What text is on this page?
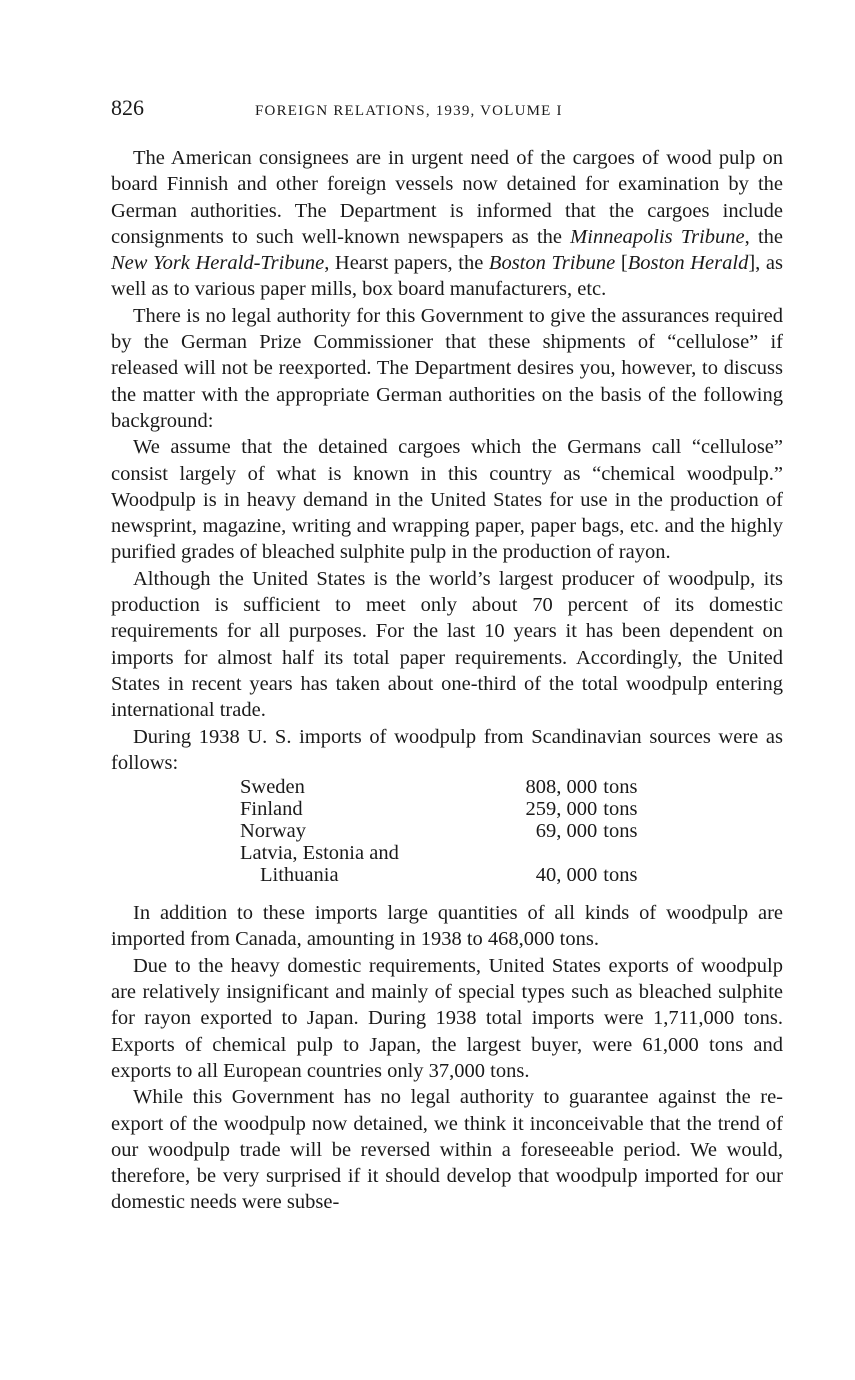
826	FOREIGN RELATIONS, 1939, VOLUME I

The American consignees are in urgent need of the cargoes of wood pulp on board Finnish and other foreign vessels now detained for examination by the German authorities. The Department is informed that the cargoes include consignments to such well-known newspapers as the Minneapolis Tribune, the New York Herald-Tribune, Hearst papers, the Boston Tribune [Boston Herald], as well as to various paper mills, box board manufacturers, etc.

There is no legal authority for this Government to give the assurances required by the German Prize Commissioner that these shipments of “cellulose” if released will not be reexported. The Department desires you, however, to discuss the matter with the appropriate German authorities on the basis of the following background:

We assume that the detained cargoes which the Germans call “cellulose” consist largely of what is known in this country as “chemical woodpulp.” Woodpulp is in heavy demand in the United States for use in the production of newsprint, magazine, writing and wrapping paper, paper bags, etc. and the highly purified grades of bleached sulphite pulp in the production of rayon.

Although the United States is the world’s largest producer of woodpulp, its production is sufficient to meet only about 70 percent of its domestic requirements for all purposes. For the last 10 years it has been dependent on imports for almost half its total paper requirements. Accordingly, the United States in recent years has taken about one-third of the total woodpulp entering international trade.

During 1938 U. S. imports of woodpulp from Scandinavian sources were as follows:

Sweden	808, 000 tons
Finland	259, 000 tons
Norway	69, 000 tons
Latvia, Estonia and
Lithuania	40, 000 tons

In addition to these imports large quantities of all kinds of woodpulp are imported from Canada, amounting in 1938 to 468,000 tons.

Due to the heavy domestic requirements, United States exports of woodpulp are relatively insignificant and mainly of special types such as bleached sulphite for rayon exported to Japan. During 1938 total imports were 1,711,000 tons. Exports of chemical pulp to Japan, the largest buyer, were 61,000 tons and exports to all European countries only 37,000 tons.

While this Government has no legal authority to guarantee against the re-export of the woodpulp now detained, we think it inconceivable that the trend of our woodpulp trade will be reversed within a foreseeable period. We would, therefore, be very surprised if it should develop that woodpulp imported for our domestic needs were subse-
